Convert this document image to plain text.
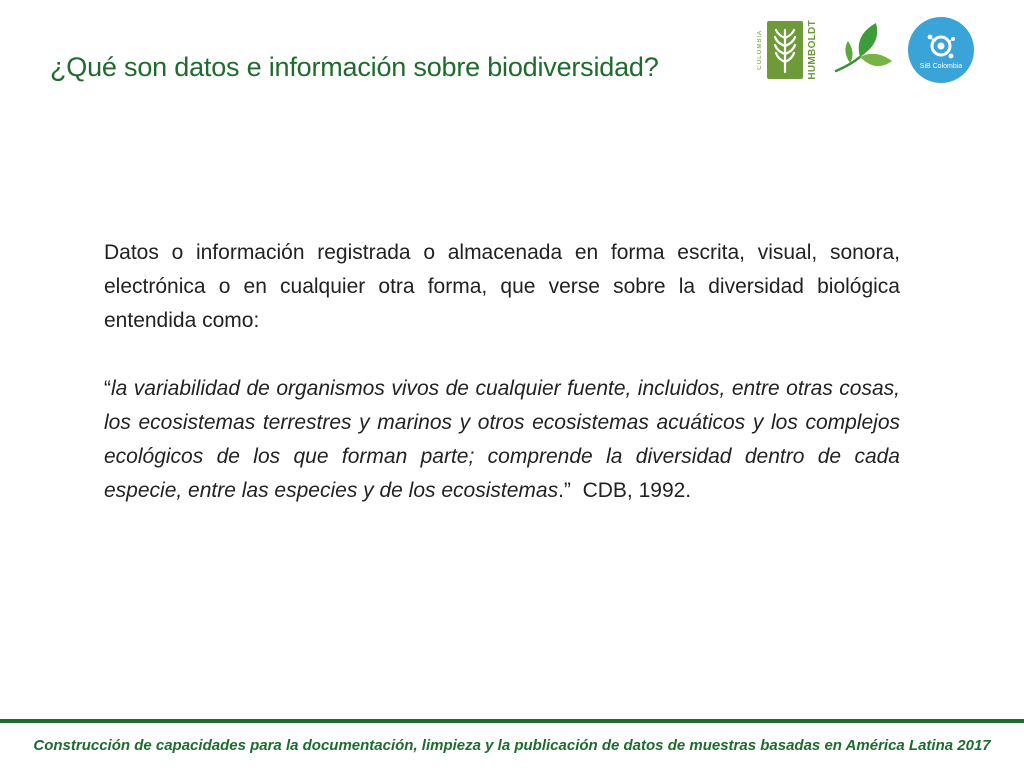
¿Qué son datos e información sobre biodiversidad?	COLOMBIA	HUMBOLDT	SiB Colombia

Datos o información registrada o almacenada en forma escrita, visual, sonora, electrónica o en cualquier otra forma, que verse sobre la diversidad biológica entendida como:

“la variabilidad de organismos vivos de cualquier fuente, incluidos, entre otras cosas, los ecosistemas terrestres y marinos y otros ecosistemas acuáticos y los complejos ecológicos de los que forman parte; comprende la diversidad dentro de cada especie, entre las especies y de los ecosistemas.”  CDB, 1992.

Construcción de capacidades para la documentación, limpieza y la publicación de datos de muestras basadas en América Latina 2017
